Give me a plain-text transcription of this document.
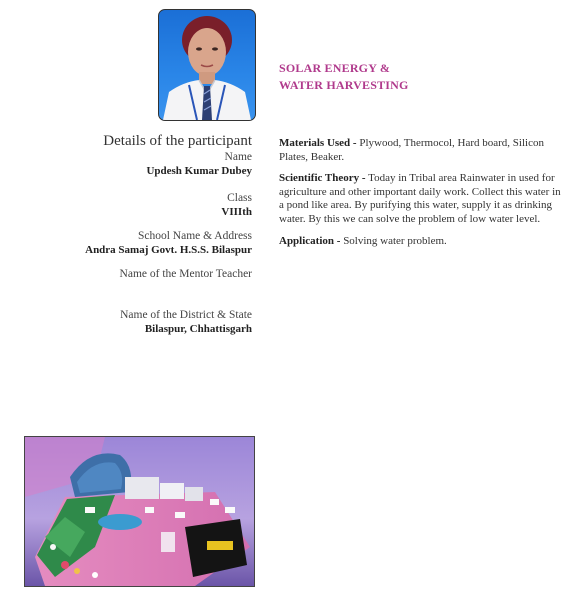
SOLAR ENERGY &
WATER HARVESTING
Details of the participant
Name
Updesh Kumar Dubey
Class
VIIIth
School Name & Address
Andra Samaj Govt. H.S.S. Bilaspur
Name of the Mentor Teacher
Name of the District & State
Bilaspur, Chhattisgarh

Materials Used - Plywood, Thermocol, Hard board, Silicon Plates, Beaker.

Scientific Theory - Today in Tribal area Rainwater in used for agriculture and other important daily work. Collect this water in a pond like area. By purifying this water, supply it as drinking water. By this we can solve the problem of low water level.

Application - Solving water problem.
